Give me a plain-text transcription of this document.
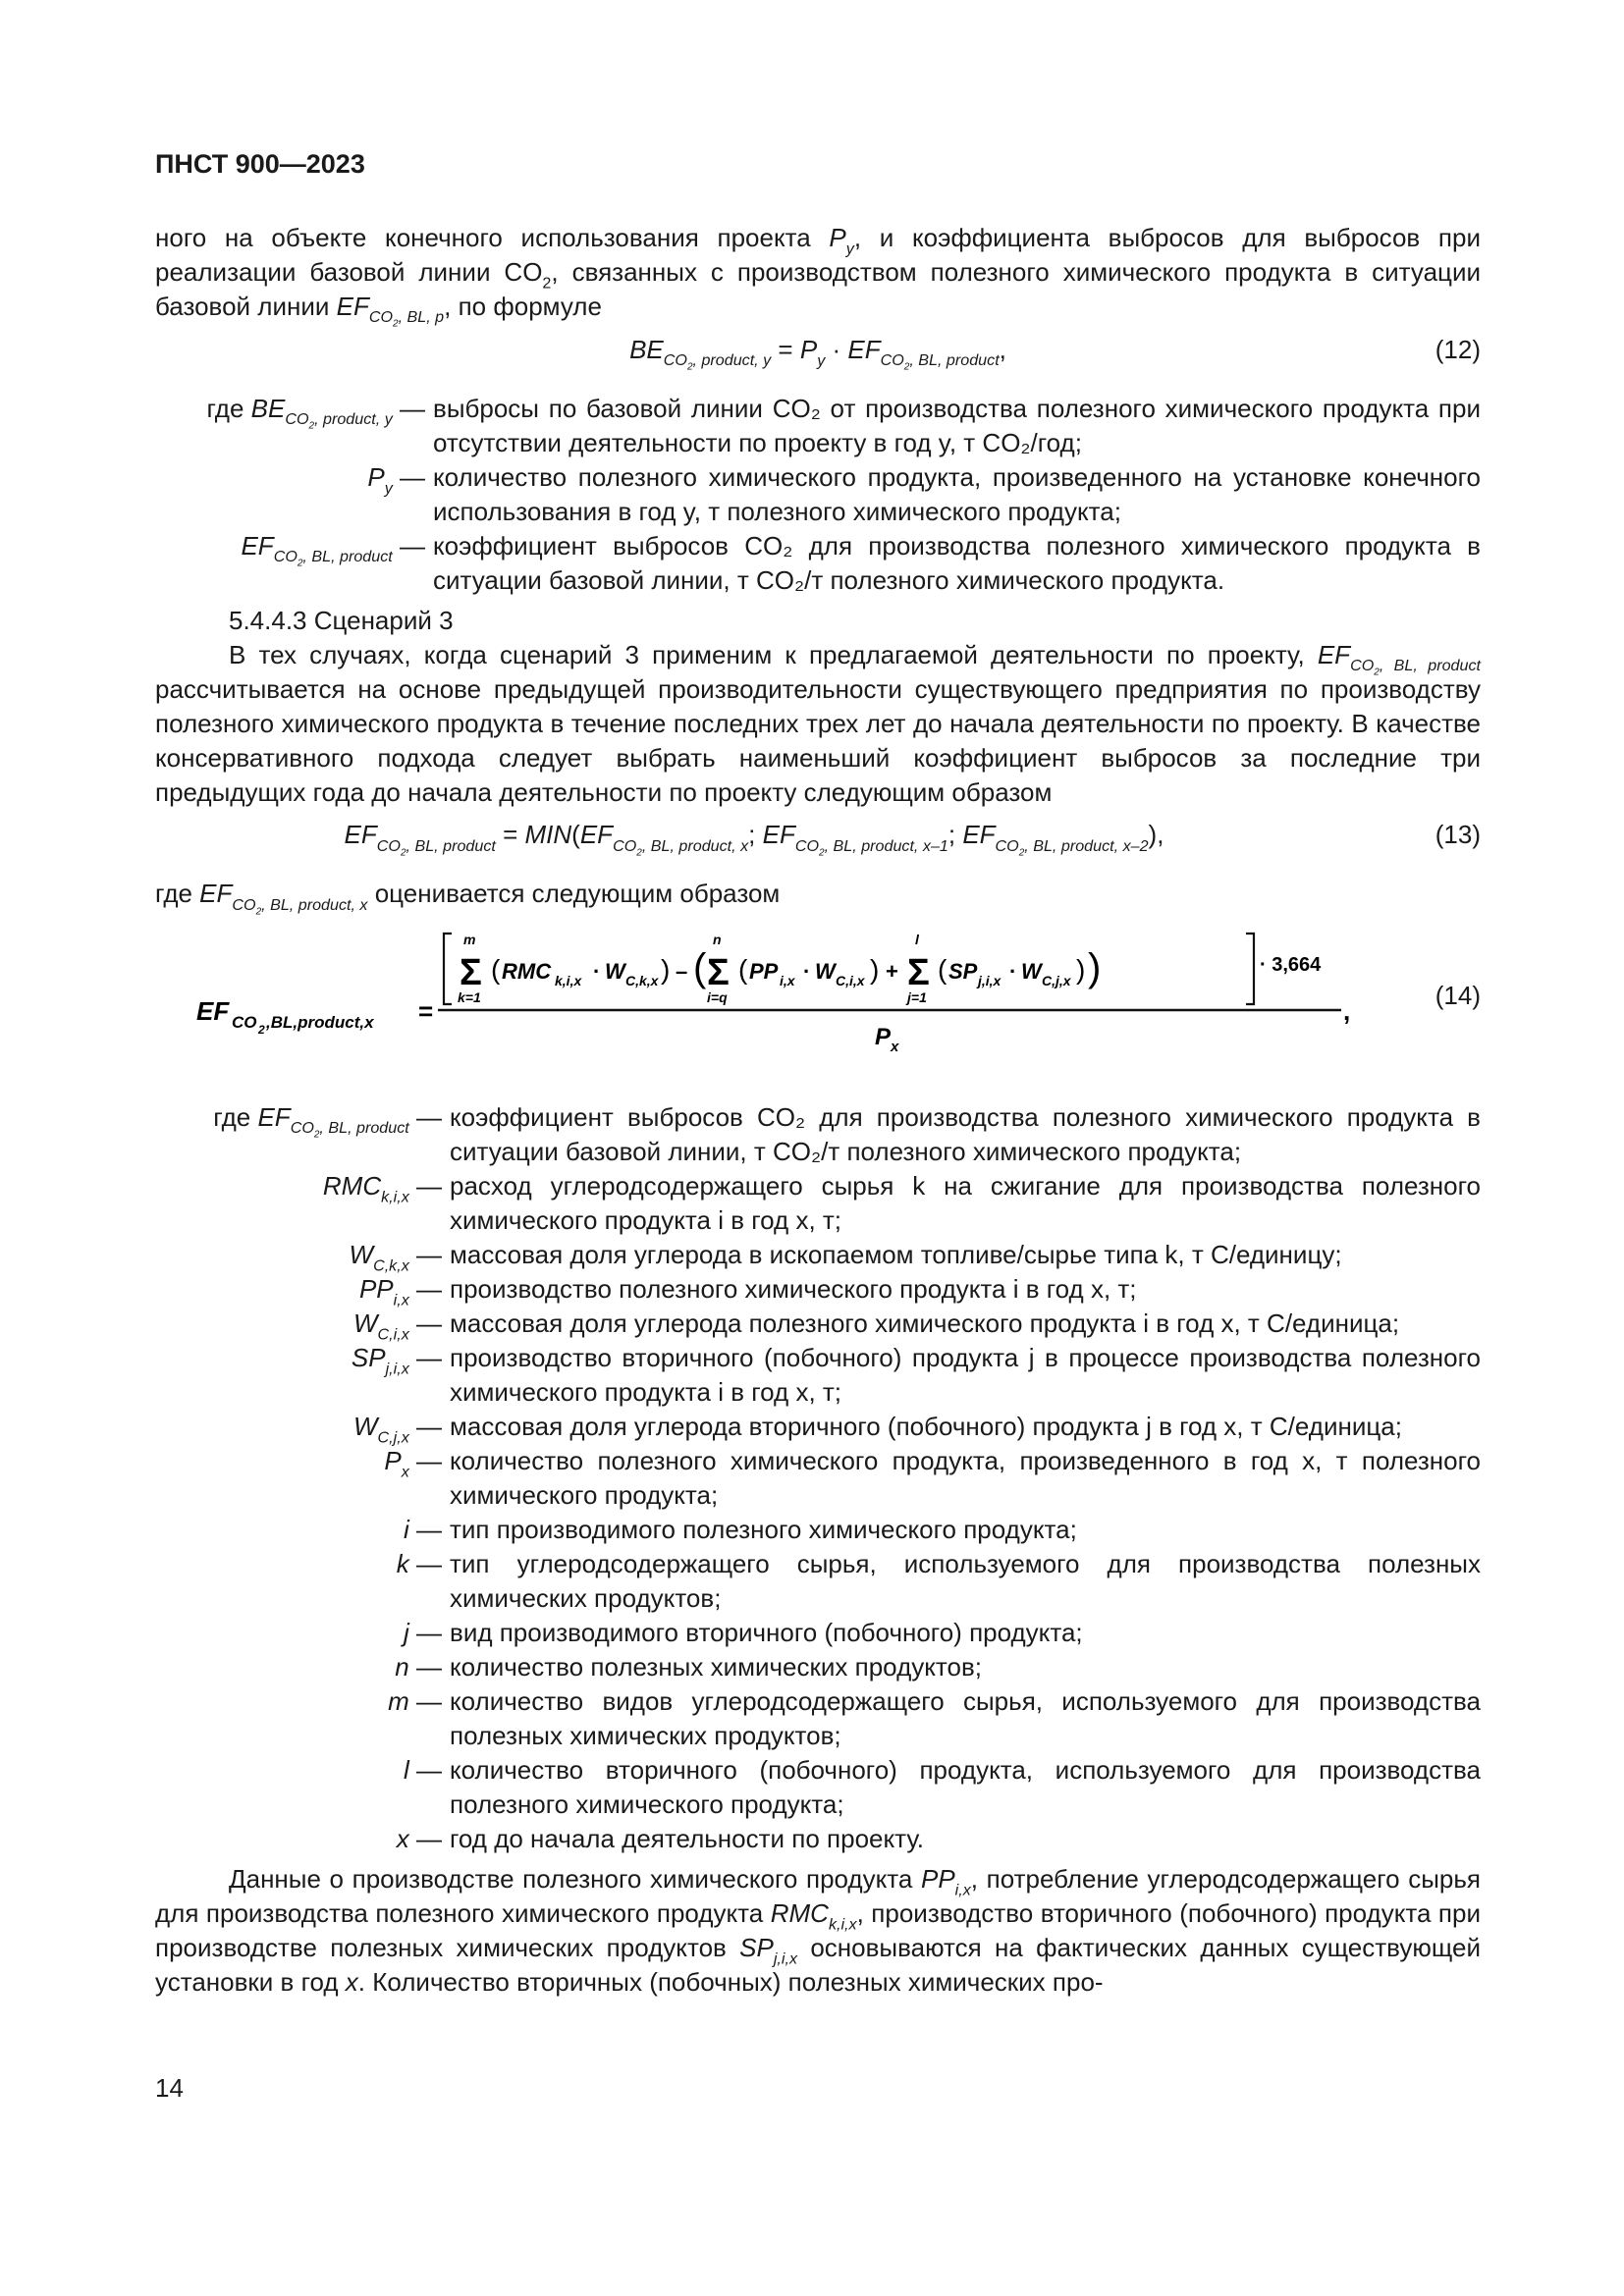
ПНСТ 900—2023
ного на объекте конечного использования проекта $P_y$, и коэффициента выбросов для выбросов при реализации базовой линии $CO_2$, связанных с производством полезного химического продукта в ситуации базовой линии $EF_{CO_2, BL, p}$, по формуле
$BE_{CO_2, product, y} = P_y \cdot EF_{CO_2, BL, product}$,	(12)
где $BE_{CO_2, product, y}$ — выбросы по базовой линии CO₂ от производства полезного химического продукта при отсутствии деятельности по проекту в год y, т CO₂/год;
$P_y$ — количество полезного химического продукта, произведенного на установке конечного использования в год y, т полезного химического продукта;
$EF_{CO_2, BL, product}$ — коэффициент выбросов CO₂ для производства полезного химического продукта в ситуации базовой линии, т CO₂/т полезного химического продукта.
5.4.4.3 Сценарий 3
В тех случаях, когда сценарий 3 применим к предлагаемой деятельности по проекту, $EF_{CO_2, BL, product}$ рассчитывается на основе предыдущей производительности существующего предприятия по производству полезного химического продукта в течение последних трех лет до начала деятельности по проекту. В качестве консервативного подхода следует выбрать наименьший коэффициент выбросов за последние три предыдущих года до начала деятельности по проекту следующим образом
$EF_{CO_2, BL, product} = MIN(EF_{CO_2, BL, product, x}$; $EF_{CO_2, BL, product, x-1}$; $EF_{CO_2, BL, product, x-2}$),	(13)
где $EF_{CO_2, BL, product, x}$ оценивается следующим образом
EF CO 2 ,BL,product,x =	,
m
Σ
k=1
( RMC k,i,x · W C,k,x ) – (
n
Σ
i=q
( PP i,x · W C,i,x ) +
l
Σ
j=1
( SP j,i,x · W C,j,x ) )	· 3,664
P x
(14)
где $EF_{CO_2, BL, product}$ — коэффициент выбросов CO₂ для производства полезного химического продукта в ситуации базовой линии, т CO₂/т полезного химического продукта;
$RMC_{k,i,x}$ — расход углеродсодержащего сырья k на сжигание для производства полезного химического продукта i в год x, т;
$W_{C,k,x}$ — массовая доля углерода в ископаемом топливе/сырье типа k, т C/единицу;
$PP_{i,x}$ — производство полезного химического продукта i в год x, т;
$W_{C,i,x}$ — массовая доля углерода полезного химического продукта i в год x, т C/единица;
$SP_{j,i,x}$ — производство вторичного (побочного) продукта j в процессе производства полезного химического продукта i в год x, т;
$W_{C,j,x}$ — массовая доля углерода вторичного (побочного) продукта j в год x, т C/единица;
$P_x$ — количество полезного химического продукта, произведенного в год x, т полезного химического продукта;
i — тип производимого полезного химического продукта;
k — тип углеродсодержащего сырья, используемого для производства полезных химических продуктов;
j — вид производимого вторичного (побочного) продукта;
n — количество полезных химических продуктов;
m — количество видов углеродсодержащего сырья, используемого для производства полезных химических продуктов;
l — количество вторичного (побочного) продукта, используемого для производства полезного химического продукта;
x — год до начала деятельности по проекту.
Данные о производстве полезного химического продукта $PP_{i,x}$, потребление углеродсодержащего сырья для производства полезного химического продукта $RMC_{k,i,x}$, производство вторичного (побочного) продукта при производстве полезных химических продуктов $SP_{j,i,x}$ основываются на фактических данных существующей установки в год x. Количество вторичных (побочных) полезных химических про-
14
